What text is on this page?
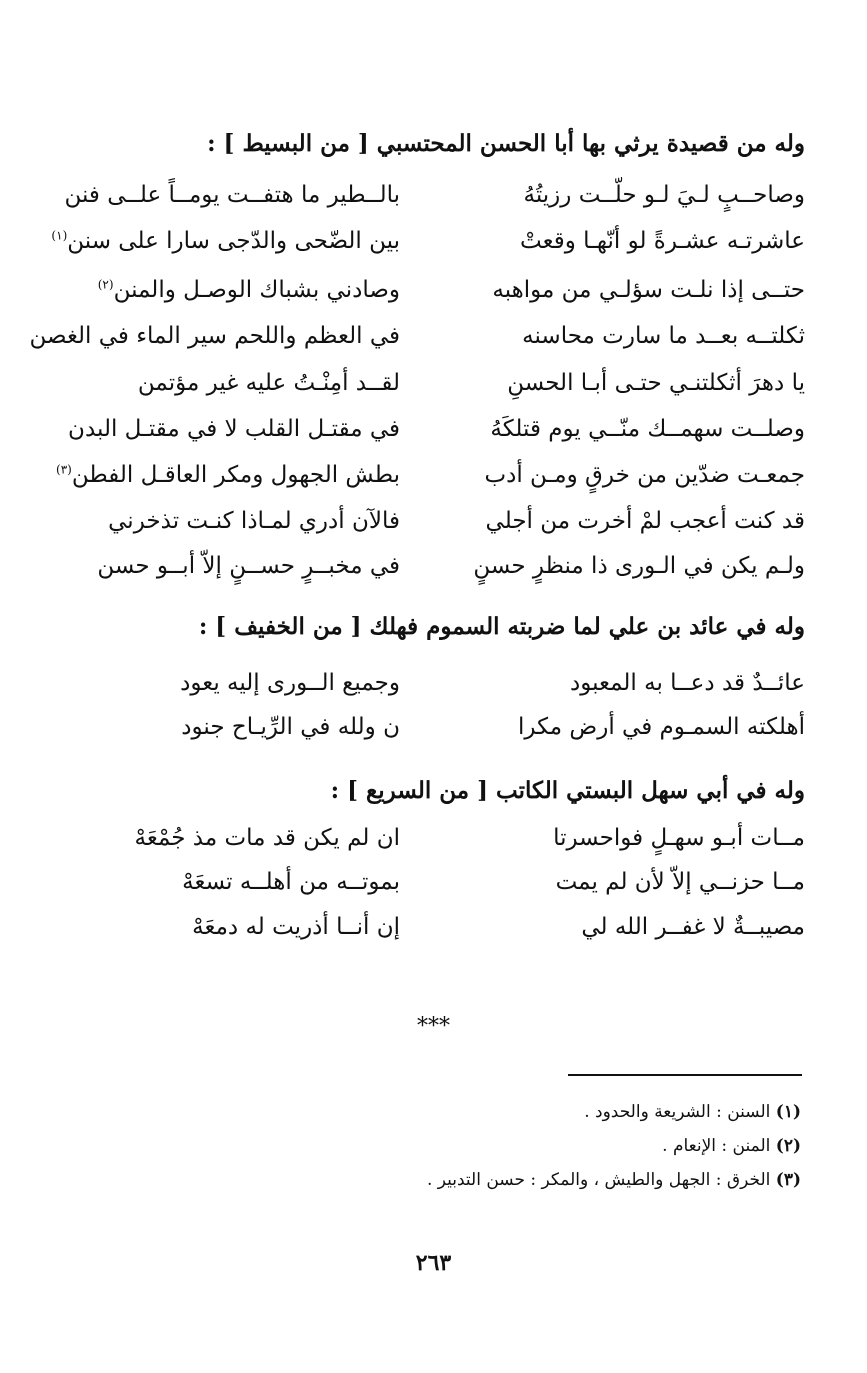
وله من قصيدة يرثي بها أبا الحسن المحتسبي [ من البسيط ] :
وصاحــبٍ لـيَ لـو حلّــت رزيتُهُ
بالــطير ما هتفــت يومــاً علــى فنن
عاشرتـه عشـرةً لو أنّهـا وقعتْ
بين الضّحى والدّجى سارا على سنن$^{(١)}$
حتــى إذا نلـت سؤلـي من مواهبه
وصادني بشباك الوصـل والمنن$^{(٢)}$
ثكلتــه بعــد ما سارت محاسنه
في العظم واللحم سير الماء في الغصن
يا دهرَ أثكلتنـي حتـى أبـا الحسنِ
لقــد أمِنْـتُ عليه غير مؤتمن
وصلــت سهمــك منّــي يوم قتلكَهُ
في مقتـل القلب لا في مقتـل البدن
جمعـت ضدّين من خرقٍ ومـن أدب
بطش الجهول ومكر العاقـل الفطن$^{(٣)}$
قد كنت أعجب لمْ أخرت من أجلي
فالآن أدري لمـاذا كنـت تذخرني
ولـم يكن في الـورى ذا منظرٍ حسنٍ
في مخبــرٍ حســنٍ إلاّ أبــو حسن
وله في عائد بن علي لما ضربته السموم فهلك [ من الخفيف ] :
عائــدٌ قد دعــا به المعبود
وجميع الــورى إليه يعود
أهلكته السمـوم في أرض مكرا
ن ولله في الرِّيـاح جنود
وله في أبي سهل البستي الكاتب [ من السريع ] :
مــات أبـو سهـلٍ فواحسرتا
ان لم يكن قد مات مذ جُمْعَهْ
مــا حزنــي إلاّ لأن لم يمت
بموتــه من أهلــه تسعَهْ
مصيبــةٌ لا غفــر الله لي
إن أنــا أذريت له دمعَهْ
***
(١) السنن : الشريعة والحدود .
(٢) المنن : الإنعام .
(٣) الخرق : الجهل والطيش ، والمكر : حسن التدبير .
٢٦٣
